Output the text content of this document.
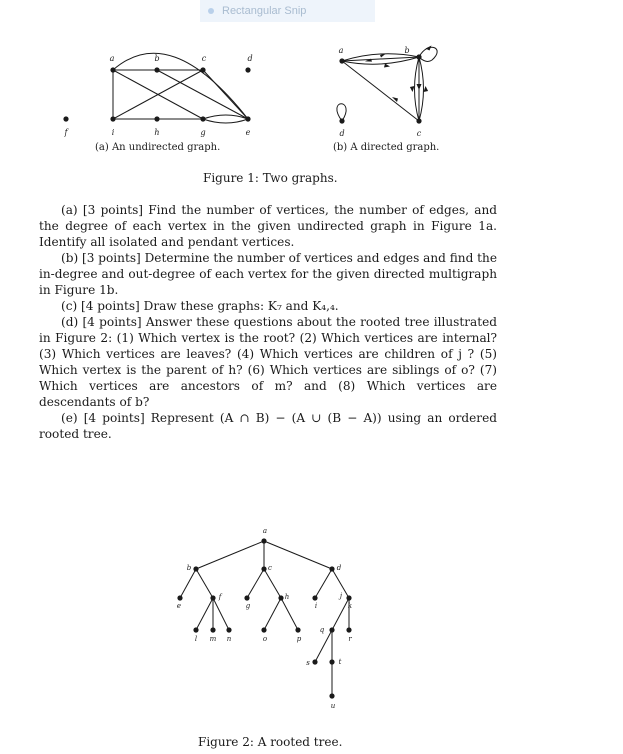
Rectangular Snip
a	b	c	d
f	i	h	g	e
a	b
d	c
(a) An undirected graph.	(b) A directed graph.
Figure 1: Two graphs.

(a) [3 points] Find the number of vertices, the number of edges, and the degree of each vertex in the given undirected graph in Figure 1a. Identify all isolated and pendant vertices.

(b) [3 points] Determine the number of vertices and edges and find the in-degree and out-degree of each vertex for the given directed multigraph in Figure 1b.

(c) [4 points] Draw these graphs: K₇ and K₄,₄.

(d) [4 points] Answer these questions about the rooted tree illustrated in Figure 2: (1) Which vertex is the root? (2) Which vertices are internal? (3) Which vertices are leaves? (4) Which vertices are children of j ? (5) Which vertex is the parent of h? (6) Which vertices are siblings of o? (7) Which vertices are ancestors of m? and (8) Which vertices are descendants of b?

(e) [4 points] Represent (A ∩ B) − (A ∪ (B − A)) using an ordered rooted tree.

a
b	c	d
e
f
g
h
i
j
k
l m n	o	p
q
r
s	t
u
Figure 2: A rooted tree.
